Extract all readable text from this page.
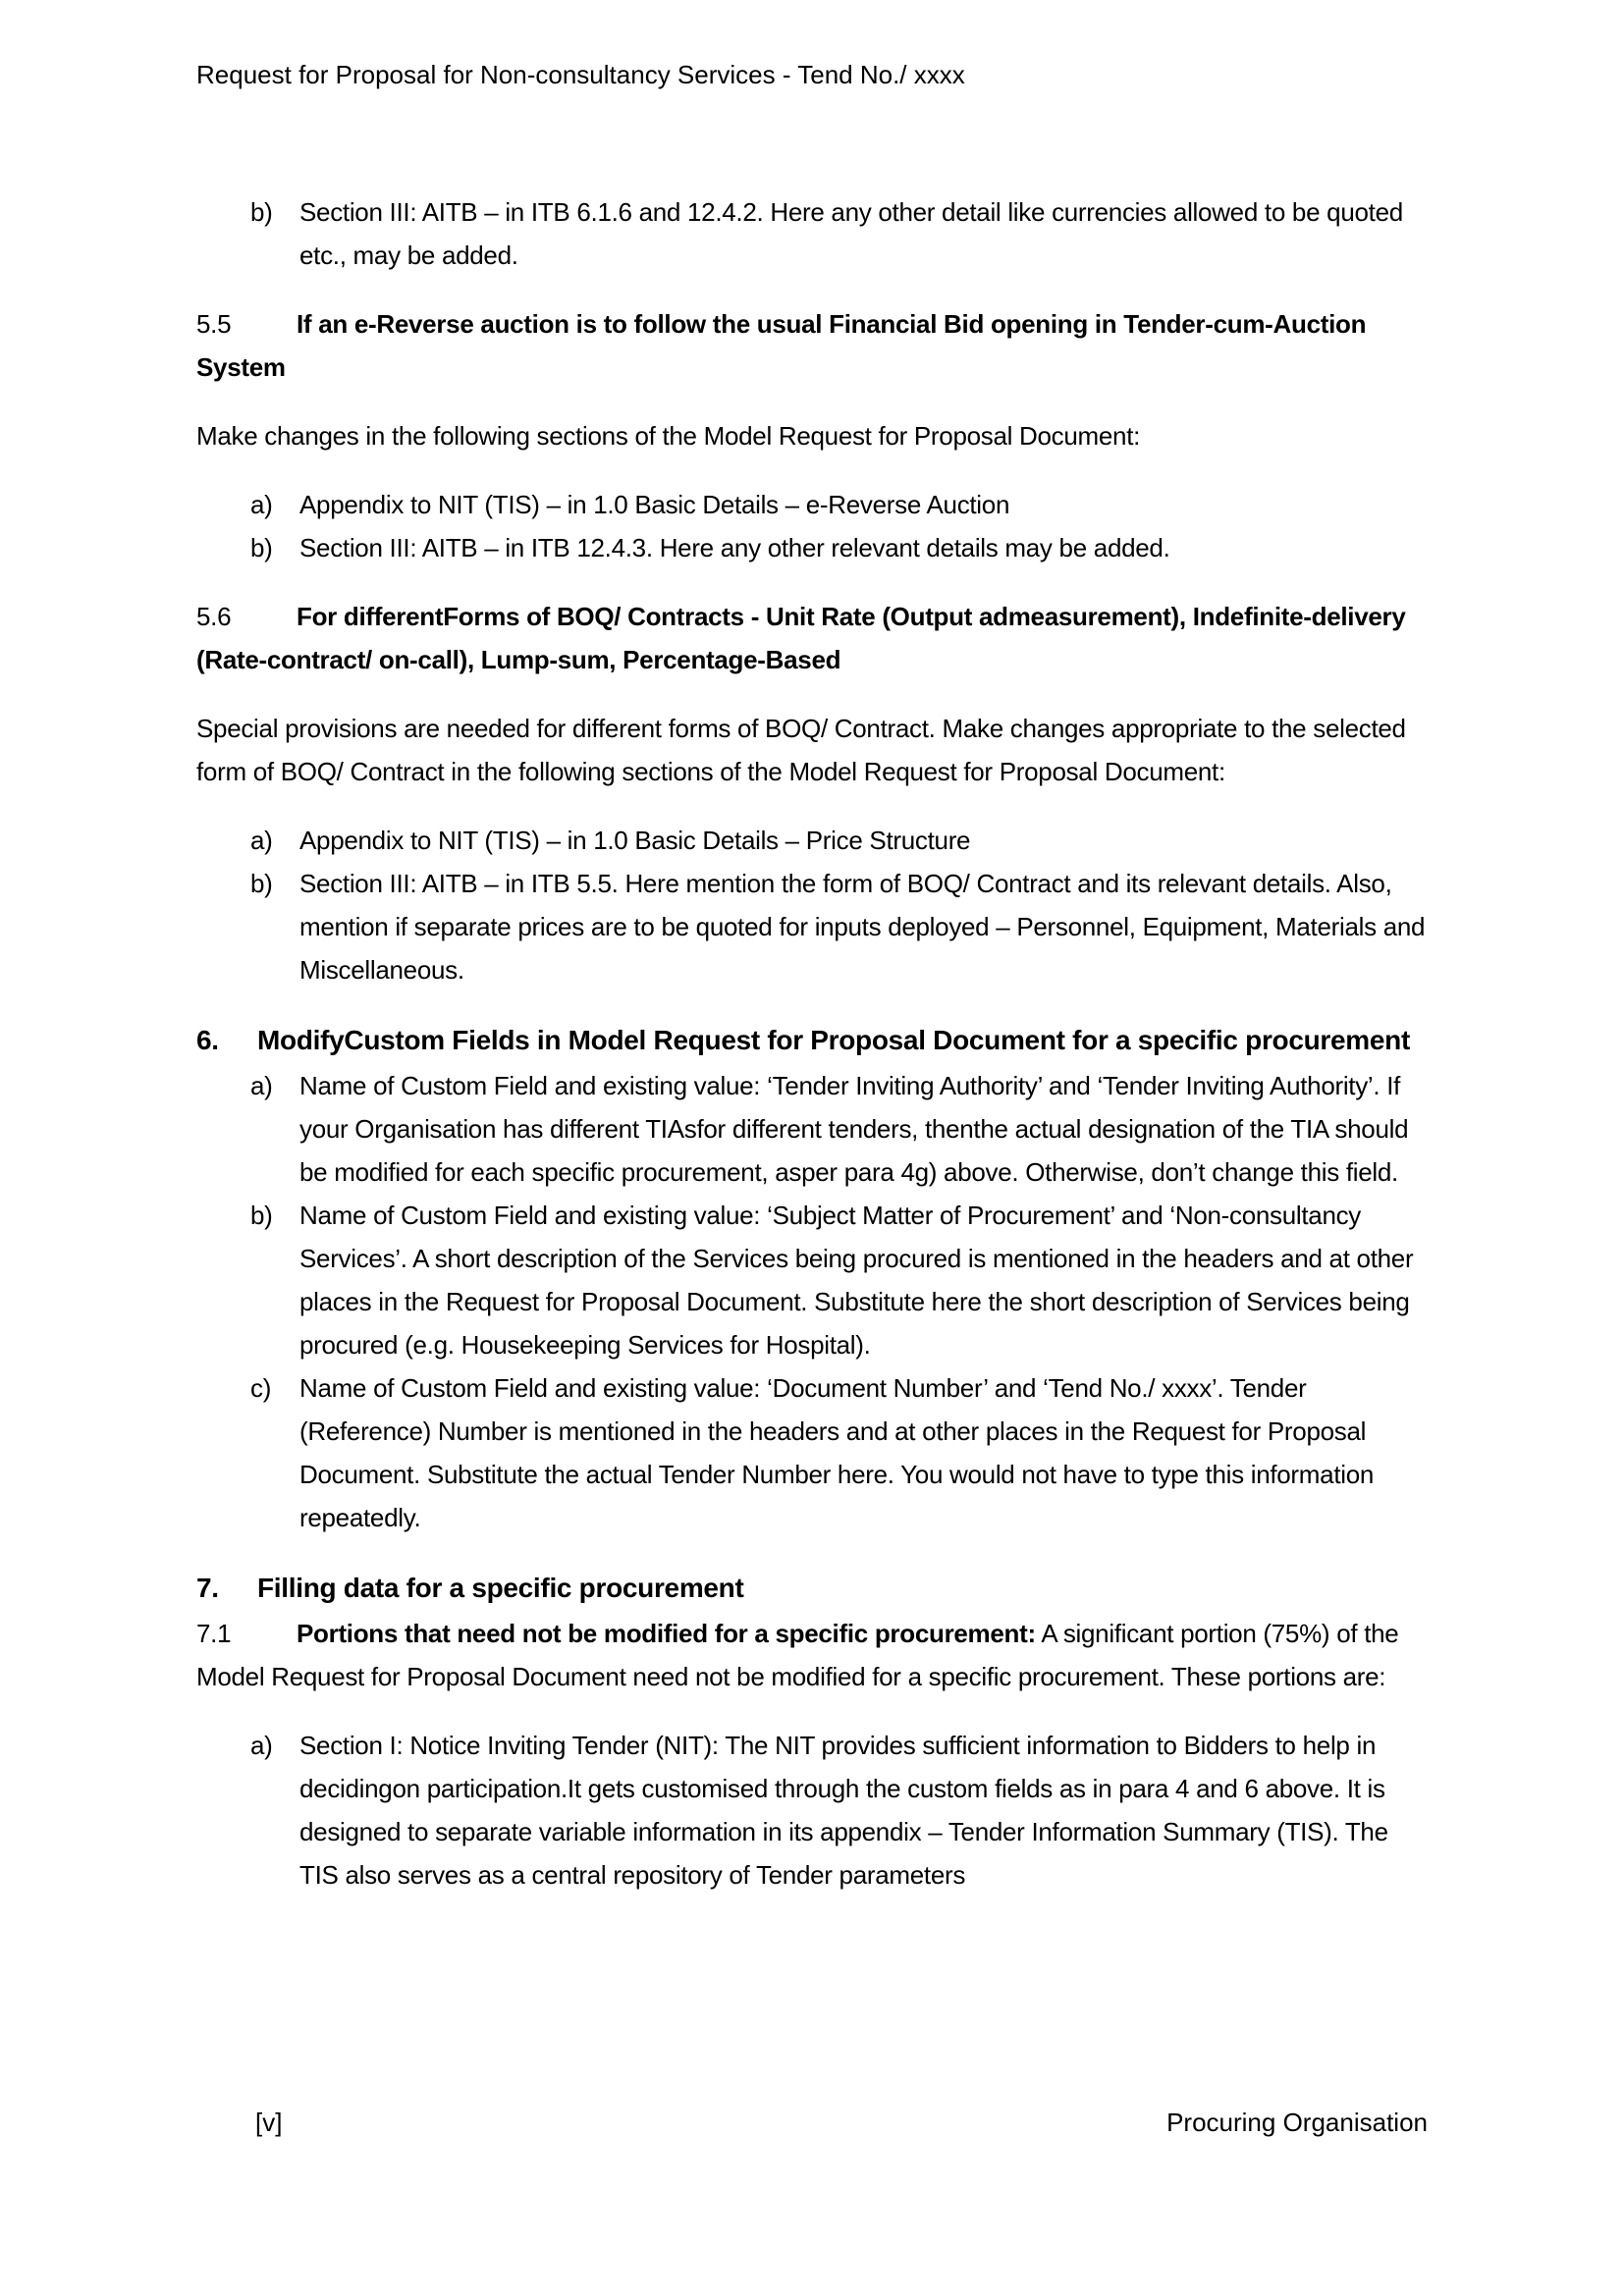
Request for Proposal for Non-consultancy Services - Tend No./ xxxx
b) Section III: AITB – in ITB 6.1.6 and 12.4.2. Here any other detail like currencies allowed to be quoted etc., may be added.
5.5	If an e-Reverse auction is to follow the usual Financial Bid opening in Tender-cum-Auction System

Make changes in the following sections of the Model Request for Proposal Document:

a) Appendix to NIT (TIS) – in 1.0 Basic Details – e-Reverse Auction
b) Section III: AITB – in ITB 12.4.3. Here any other relevant details may be added.
5.6	For differentForms of BOQ/ Contracts - Unit Rate (Output admeasurement), Indefinite-delivery (Rate-contract/ on-call), Lump-sum, Percentage-Based

Special provisions are needed for different forms of BOQ/ Contract. Make changes appropriate to the selected form of BOQ/ Contract in the following sections of the Model Request for Proposal Document:

a) Appendix to NIT (TIS) – in 1.0 Basic Details – Price Structure
b) Section III: AITB – in ITB 5.5. Here mention the form of BOQ/ Contract and its relevant details. Also, mention if separate prices are to be quoted for inputs deployed – Personnel, Equipment, Materials and Miscellaneous.
6. ModifyCustom Fields in Model Request for Proposal Document for a specific procurement
a) Name of Custom Field and existing value: ‘Tender Inviting Authority’ and ‘Tender Inviting Authority’. If your Organisation has different TIAsfor different tenders, thenthe actual designation of the TIA should be modified for each specific procurement, asper para 4g) above. Otherwise, don’t change this field.
b) Name of Custom Field and existing value: ‘Subject Matter of Procurement’ and ‘Non-consultancy Services’. A short description of the Services being procured is mentioned in the headers and at other places in the Request for Proposal Document. Substitute here the short description of Services being procured (e.g. Housekeeping Services for Hospital).
c) Name of Custom Field and existing value: ‘Document Number’ and ‘Tend No./ xxxx’. Tender (Reference) Number is mentioned in the headers and at other places in the Request for Proposal Document. Substitute the actual Tender Number here. You would not have to type this information repeatedly.
7. Filling data for a specific procurement
7.1	Portions that need not be modified for a specific procurement: A significant portion (75%) of the Model Request for Proposal Document need not be modified for a specific procurement. These portions are:
a) Section I: Notice Inviting Tender (NIT): The NIT provides sufficient information to Bidders to help in decidingon participation.It gets customised through the custom fields as in para 4 and 6 above. It is designed to separate variable information in its appendix – Tender Information Summary (TIS). The TIS also serves as a central repository of Tender parameters
[v]	Procuring Organisation
